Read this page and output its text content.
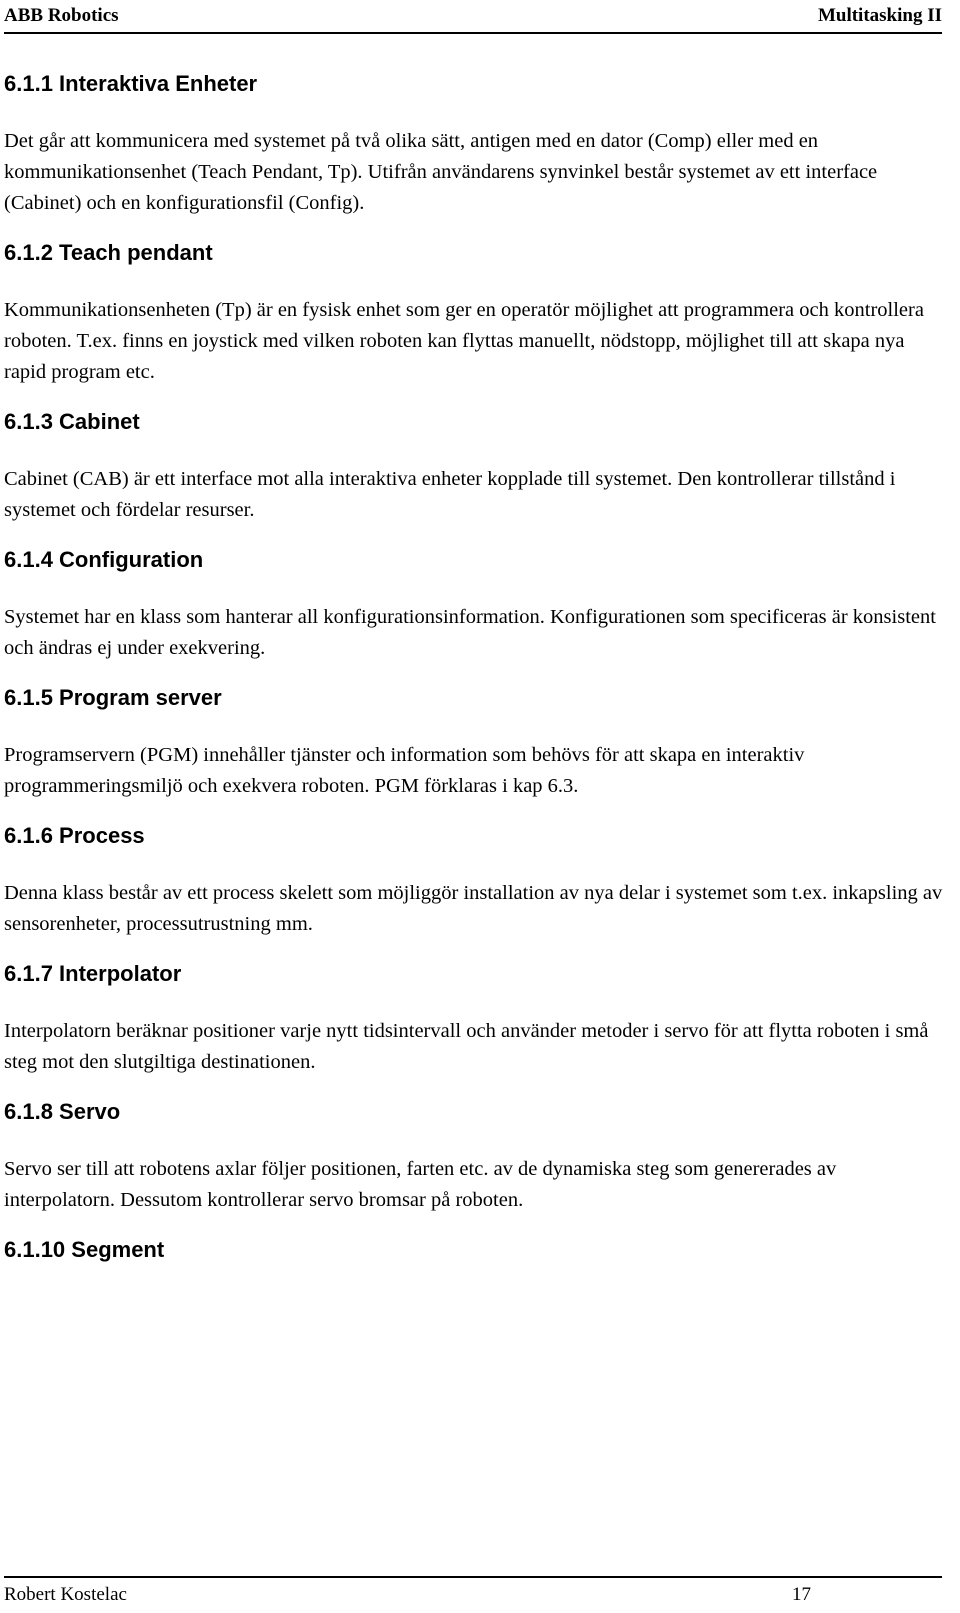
ABB Robotics	Multitasking II
6.1.1 Interaktiva Enheter

Det går att kommunicera med systemet på två olika sätt, antigen med en dator (Comp) eller med en kommunikationsenhet (Teach Pendant, Tp). Utifrån användarens synvinkel består systemet av ett interface (Cabinet) och en konfigurationsfil (Config).

6.1.2 Teach pendant

Kommunikationsenheten (Tp) är en fysisk enhet som ger en operatör möjlighet att programmera och kontrollera roboten. T.ex. finns en joystick med vilken roboten kan flyttas manuellt, nödstopp, möjlighet till att skapa nya rapid program etc.

6.1.3 Cabinet

Cabinet (CAB) är ett interface mot alla interaktiva enheter kopplade till systemet. Den kontrollerar tillstånd i systemet och fördelar resurser.

6.1.4 Configuration

Systemet har en klass som hanterar all konfigurationsinformation. Konfigurationen som specificeras är konsistent och ändras ej under exekvering.

6.1.5 Program server

Programservern (PGM) innehåller tjänster och information som behövs för att skapa en interaktiv programmeringsmiljö och exekvera roboten. PGM förklaras i kap 6.3.

6.1.6 Process

Denna klass består av ett process skelett som möjliggör installation av nya delar i systemet som t.ex. inkapsling av sensorenheter, processutrustning mm.

6.1.7 Interpolator

Interpolatorn beräknar positioner varje nytt tidsintervall och använder metoder i servo för att flytta roboten i små steg mot den slutgiltiga destinationen.

6.1.8 Servo

Servo ser till att robotens axlar följer positionen, farten etc. av de dynamiska steg som genererades av interpolatorn. Dessutom kontrollerar servo bromsar på roboten.

6.1.10 Segment
Robert Kostelac	17
